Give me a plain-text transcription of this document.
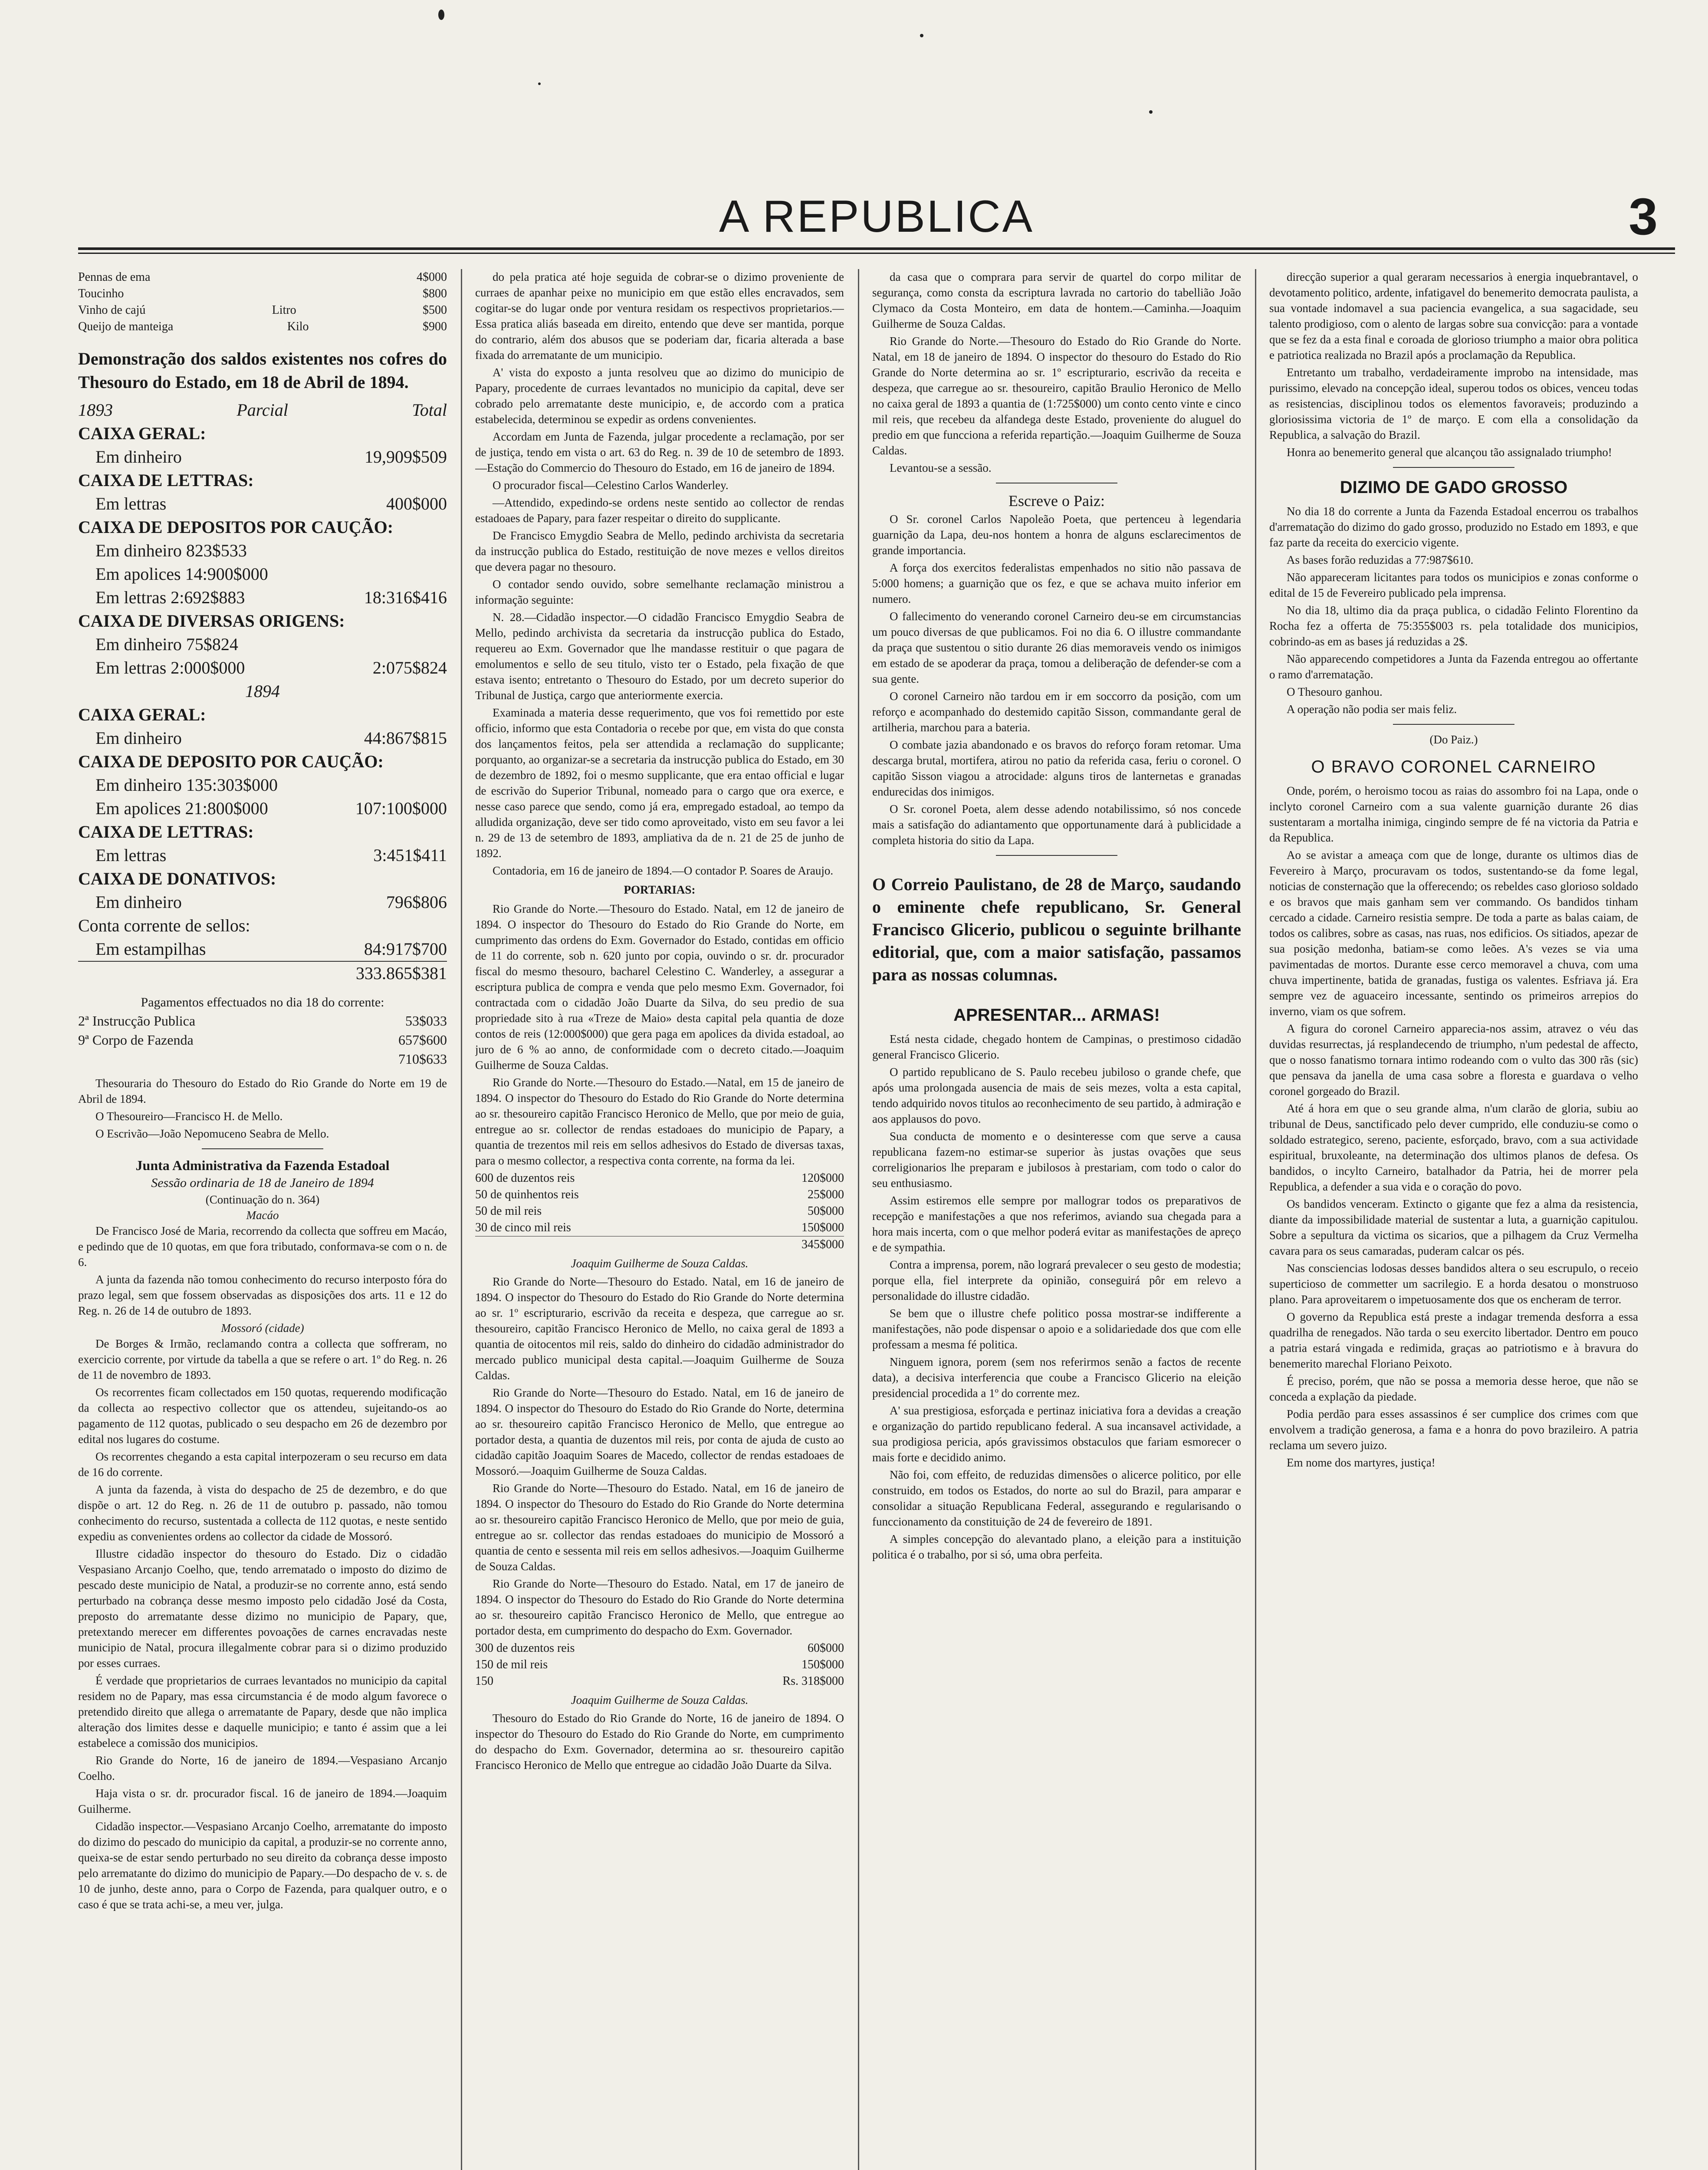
A REPUBLICA	3
Pennas de ema	4$000
Toucinho	$800
Vinho de cajú	Litro	$500
Queijo de manteiga	Kilo	$900
Demonstração dos saldos existentes nos cofres do Thesouro do Estado, em 18 de Abril de 1894.
1893	Parcial	Total
CAIXA GERAL:
Em dinheiro	19,909$509
CAIXA DE LETTRAS:
Em lettras	400$000
CAIXA DE DEPOSITOS POR CAUÇÃO:
Em dinheiro 823$533
Em apolices 14:900$000
Em lettras 2:692$883	18:316$416
CAIXA DE DIVERSAS ORIGENS:
Em dinheiro 75$824
Em lettras 2:000$000	2:075$824
1894
CAIXA GERAL:
Em dinheiro	44:867$815
CAIXA DE DEPOSITO POR CAUÇÃO:
Em dinheiro 135:303$000
Em apolices 21:800$000	107:100$000
CAIXA DE LETTRAS:
Em lettras	3:451$411
CAIXA DE DONATIVOS:
Em dinheiro	796$806
Conta corrente de sellos:
Em estampilhas	84:917$700
333.865$381
Pagamentos effectuados no dia 18 do corrente:
2ª Instrucção Publica	53$033
9ª Corpo de Fazenda	657$600
710$633
Thesouraria do Thesouro do Estado do Rio Grande do Norte em 19 de Abril de 1894.
O Thesoureiro—Francisco H. de Mello.
O Escrivão—João Nepomuceno Seabra de Mello.
Junta Administrativa da Fazenda Estadoal
Sessão ordinaria de 18 de Janeiro de 1894
(Continuação do n. 364)
Macáo

De Francisco José de Maria, recorrendo da collecta que soffreu em Macáo, e pedindo que de 10 quotas, em que fora tributado, conformava-se com o n. de 6.

A junta da fazenda não tomou conhecimento do recurso interposto fóra do prazo legal, sem que fossem observadas as disposições dos arts. 11 e 12 do Reg. n. 26 de 14 de outubro de 1893.

Mossoró (cidade)

De Borges & Irmão, reclamando contra a collecta que soffreram, no exercicio corrente, por virtude da tabella a que se refere o art. 1º do Reg. n. 26 de 11 de novembro de 1893.

Os recorrentes ficam collectados em 150 quotas, requerendo modificação da collecta ao respectivo collector que os attendeu, sujeitando-os ao pagamento de 112 quotas, publicado o seu despacho em 26 de dezembro por edital nos lugares do costume.

Os recorrentes chegando a esta capital interpozeram o seu recurso em data de 16 do corrente.

A junta da fazenda, à vista do despacho de 25 de dezembro, e do que dispõe o art. 12 do Reg. n. 26 de 11 de outubro p. passado, não tomou conhecimento do recurso, sustentada a collecta de 112 quotas, e neste sentido expediu as convenientes ordens ao collector da cidade de Mossoró.

Illustre cidadão inspector do thesouro do Estado. Diz o cidadão Vespasiano Arcanjo Coelho, que, tendo arrematado o imposto do dizimo de pescado deste municipio de Natal, a produzir-se no corrente anno, está sendo perturbado na cobrança desse mesmo imposto pelo cidadão José da Costa, preposto do arrematante desse dizimo no municipio de Papary, que, pretextando merecer em differentes povoações de carnes encravadas neste municipio de Natal, procura illegalmente cobrar para si o dizimo produzido por esses curraes.

É verdade que proprietarios de curraes levantados no municipio da capital residem no de Papary, mas essa circumstancia é de modo algum favorece o pretendido direito que allega o arrematante de Papary, desde que não implica alteração dos limites desse e daquelle municipio; e tanto é assim que a lei estabelece a comissão dos municipios.

Rio Grande do Norte, 16 de janeiro de 1894.—Vespasiano Arcanjo Coelho.

Haja vista o sr. dr. procurador fiscal. 16 de janeiro de 1894.—Joaquim Guilherme.

Cidadão inspector.—Vespasiano Arcanjo Coelho, arrematante do imposto do dizimo do pescado do municipio da capital, a produzir-se no corrente anno, queixa-se de estar sendo perturbado no seu direito da cobrança desse imposto pelo arrematante do dizimo do municipio de Papary.—Do despacho de v. s. de 10 de junho, deste anno, para o Corpo de Fazenda, para qualquer outro, e o caso é que se trata achi-se, a meu ver, julga.

do pela pratica até hoje seguida de cobrar-se o dizimo proveniente de curraes de apanhar peixe no municipio em que estão elles encravados, sem cogitar-se do lugar onde por ventura residam os respectivos proprietarios.—Essa pratica aliás baseada em direito, entendo que deve ser mantida, porque do contrario, além dos abusos que se poderiam dar, ficaria alterada a base fixada do arrematante de um municipio.

A' vista do exposto a junta resolveu que ao dizimo do municipio de Papary, procedente de curraes levantados no municipio da capital, deve ser cobrado pelo arrematante deste municipio, e, de accordo com a pratica estabelecida, determinou se expedir as ordens convenientes.

Accordam em Junta de Fazenda, julgar procedente a reclamação, por ser de justiça, tendo em vista o art. 63 do Reg. n. 39 de 10 de setembro de 1893.—Estação do Commercio do Thesouro do Estado, em 16 de janeiro de 1894.

O procurador fiscal—Celestino Carlos Wanderley.

—Attendido, expedindo-se ordens neste sentido ao collector de rendas estadoaes de Papary, para fazer respeitar o direito do supplicante.

De Francisco Emygdio Seabra de Mello, pedindo archivista da secretaria da instrucção publica do Estado, restituição de nove mezes e vellos direitos que devera pagar no thesouro.

O contador sendo ouvido, sobre semelhante reclamação ministrou a informação seguinte:

N. 28.—Cidadão inspector.—O cidadão Francisco Emygdio Seabra de Mello, pedindo archivista da secretaria da instrucção publica do Estado, requereu ao Exm. Governador que lhe mandasse restituir o que pagara de emolumentos e sello de seu titulo, visto ter o Estado, pela fixação de que estava isento; entretanto o Thesouro do Estado, por um decreto superior do Tribunal de Justiça, cargo que anteriormente exercia.

Examinada a materia desse requerimento, que vos foi remettido por este officio, informo que esta Contadoria o recebe por que, em vista do que consta dos lançamentos feitos, pela ser attendida a reclamação do supplicante; porquanto, ao organizar-se a secretaria da instrucção publica do Estado, em 30 de dezembro de 1892, foi o mesmo supplicante, que era entao official e lugar de escrivão do Superior Tribunal, nomeado para o cargo que ora exerce, e nesse caso parece que sendo, como já era, empregado estadoal, ao tempo da alludida organização, deve ser tido como aproveitado, visto em seu favor a lei n. 29 de 13 de setembro de 1893, ampliativa da de n. 21 de 25 de junho de 1892.

Contadoria, em 16 de janeiro de 1894.—O contador P. Soares de Araujo.

PORTARIAS:

Rio Grande do Norte.—Thesouro do Estado. Natal, em 12 de janeiro de 1894. O inspector do Thesouro do Estado do Rio Grande do Norte, em cumprimento das ordens do Exm. Governador do Estado, contidas em officio de 11 do corrente, sob n. 620 junto por copia, ouvindo o sr. dr. procurador fiscal do mesmo thesouro, bacharel Celestino C. Wanderley, a assegurar a escriptura publica de compra e venda que pelo mesmo Exm. Governador, foi contractada com o cidadão João Duarte da Silva, do seu predio de sua propriedade sito à rua «Treze de Maio» desta capital pela quantia de doze contos de reis (12:000$000) que gera paga em apolices da divida estadoal, ao juro de 6 % ao anno, de conformidade com o decreto citado.—Joaquim Guilherme de Souza Caldas.

Rio Grande do Norte.—Thesouro do Estado.—Natal, em 15 de janeiro de 1894. O inspector do Thesouro do Estado do Rio Grande do Norte determina ao sr. thesoureiro capitão Francisco Heronico de Mello, que por meio de guia, entregue ao sr. collector de rendas estadoaes do municipio de Papary, a quantia de trezentos mil reis em sellos adhesivos do Estado de diversas taxas, para o mesmo collector, a respectiva conta corrente, na forma da lei.

600 de duzentos reis	120$000
50 de quinhentos reis	25$000
50 de mil reis	50$000
30 de cinco mil reis	150$000
345$000
Joaquim Guilherme de Souza Caldas.

Rio Grande do Norte—Thesouro do Estado. Natal, em 16 de janeiro de 1894. O inspector do Thesouro do Estado do Rio Grande do Norte determina ao sr. 1º escripturario, escrivão da receita e despeza, que carregue ao sr. thesoureiro, capitão Francisco Heronico de Mello, no caixa geral de 1893 a quantia de oitocentos mil reis, saldo do dinheiro do cidadão administrador do mercado publico municipal desta capital.—Joaquim Guilherme de Souza Caldas.

Rio Grande do Norte—Thesouro do Estado. Natal, em 16 de janeiro de 1894. O inspector do Thesouro do Estado do Rio Grande do Norte, determina ao sr. thesoureiro capitão Francisco Heronico de Mello, que entregue ao portador desta, a quantia de duzentos mil reis, por conta de ajuda de custo ao cidadão capitão Joaquim Soares de Macedo, collector de rendas estadoaes de Mossoró.—Joaquim Guilherme de Souza Caldas.

Rio Grande do Norte—Thesouro do Estado. Natal, em 16 de janeiro de 1894. O inspector do Thesouro do Estado do Rio Grande do Norte determina ao sr. thesoureiro capitão Francisco Heronico de Mello, que por meio de guia, entregue ao sr. collector das rendas estadoaes do municipio de Mossoró a quantia de cento e sessenta mil reis em sellos adhesivos.—Joaquim Guilherme de Souza Caldas.

Rio Grande do Norte—Thesouro do Estado. Natal, em 17 de janeiro de 1894. O inspector do Thesouro do Estado do Rio Grande do Norte determina ao sr. thesoureiro capitão Francisco Heronico de Mello, que entregue ao portador desta, em cumprimento do despacho do Exm. Governador.

300 de duzentos reis	60$000
150 de mil reis	150$000
150	Rs. 318$000
Joaquim Guilherme de Souza Caldas.

Thesouro do Estado do Rio Grande do Norte, 16 de janeiro de 1894. O inspector do Thesouro do Estado do Rio Grande do Norte, em cumprimento do despacho do Exm. Governador, determina ao sr. thesoureiro capitão Francisco Heronico de Mello que entregue ao cidadão João Duarte da Silva.

da casa que o comprara para servir de quartel do corpo militar de segurança, como consta da escriptura lavrada no cartorio do tabellião João Clymaco da Costa Monteiro, em data de hontem.—Caminha.—Joaquim Guilherme de Souza Caldas.

Rio Grande do Norte.—Thesouro do Estado do Rio Grande do Norte. Natal, em 18 de janeiro de 1894. O inspector do thesouro do Estado do Rio Grande do Norte determina ao sr. 1º escripturario, escrivão da receita e despeza, que carregue ao sr. thesoureiro, capitão Braulio Heronico de Mello no caixa geral de 1893 a quantia de (1:725$000) um conto cento vinte e cinco mil reis, que recebeu da alfandega deste Estado, proveniente do aluguel do predio em que funcciona a referida repartição.—Joaquim Guilherme de Souza Caldas.

Levantou-se a sessão.

Escreve o Paiz:

O Sr. coronel Carlos Napoleão Poeta, que pertenceu à legendaria guarnição da Lapa, deu-nos hontem a honra de alguns esclarecimentos de grande importancia.

A força dos exercitos federalistas empenhados no sitio não passava de 5:000 homens; a guarnição que os fez, e que se achava muito inferior em numero.

O fallecimento do venerando coronel Carneiro deu-se em circumstancias um pouco diversas de que publicamos. Foi no dia 6. O illustre commandante da praça que sustentou o sitio durante 26 dias memoraveis vendo os inimigos em estado de se apoderar da praça, tomou a deliberação de defender-se com a sua gente.

O coronel Carneiro não tardou em ir em soccorro da posição, com um reforço e acompanhado do destemido capitão Sisson, commandante geral de artilheria, marchou para a bateria.

O combate jazia abandonado e os bravos do reforço foram retomar. Uma descarga brutal, mortifera, atirou no patio da referida casa, feriu o coronel. O capitão Sisson viagou a atrocidade: alguns tiros de lanternetas e granadas endurecidas dos inimigos.

O Sr. coronel Poeta, alem desse adendo notabilissimo, só nos concede mais a satisfação do adiantamento que opportunamente dará à publicidade a completa historia do sitio da Lapa.

O Correio Paulistano, de 28 de Março, saudando o eminente chefe republicano, Sr. General Francisco Glicerio, publicou o seguinte brilhante editorial, que, com a maior satisfação, passamos para as nossas columnas.

APRESENTAR... ARMAS!

Está nesta cidade, chegado hontem de Campinas, o prestimoso cidadão general Francisco Glicerio.

O partido republicano de S. Paulo recebeu jubiloso o grande chefe, que após uma prolongada ausencia de mais de seis mezes, volta a esta capital, tendo adquirido novos titulos ao reconhecimento de seu partido, à admiração e aos applausos do povo.

Sua conducta de momento e o desinteresse com que serve a causa republicana fazem-no estimar-se superior às justas ovações que seus correligionarios lhe preparam e jubilosos à prestariam, com todo o calor do seu enthusiasmo.

Assim estiremos elle sempre por mallograr todos os preparativos de recepção e manifestações a que nos referimos, aviando sua chegada para a hora mais incerta, com o que melhor poderá evitar as manifestações de apreço e de sympathia.

Contra a imprensa, porem, não logrará prevalecer o seu gesto de modestia; porque ella, fiel interprete da opinião, conseguirá pôr em relevo a personalidade do illustre cidadão.

Se bem que o illustre chefe politico possa mostrar-se indifferente a manifestações, não pode dispensar o apoio e a solidariedade dos que com elle professam a mesma fé politica.

Ninguem ignora, porem (sem nos referirmos senão a factos de recente data), a decisiva interferencia que coube a Francisco Glicerio na eleição presidencial procedida a 1º do corrente mez.

A' sua prestigiosa, esforçada e pertinaz iniciativa fora a devidas a creação e organização do partido republicano federal. A sua incansavel actividade, a sua prodigiosa pericia, após gravissimos obstaculos que fariam esmorecer o mais forte e decidido animo.

Não foi, com effeito, de reduzidas dimensões o alicerce politico, por elle construido, em todos os Estados, do norte ao sul do Brazil, para amparar e consolidar a situação Republicana Federal, assegurando e regularisando o funccionamento da constituição de 24 de fevereiro de 1891.

A simples concepção do alevantado plano, a eleição para a instituição politica é o trabalho, por si só, uma obra perfeita.

direcção superior a qual geraram necessarios à energia inquebrantavel, o devotamento politico, ardente, infatigavel do benemerito democrata paulista, a sua vontade indomavel a sua paciencia evangelica, a sua sagacidade, seu talento prodigioso, com o alento de largas sobre sua convicção: para a vontade que se fez da a esta final e coroada de glorioso triumpho a maior obra politica e patriotica realizada no Brazil após a proclamação da Republica.

Entretanto um trabalho, verdadeiramente improbo na intensidade, mas purissimo, elevado na concepção ideal, superou todos os obices, venceu todas as resistencias, disciplinou todos os elementos favoraveis; produzindo a gloriosissima victoria de 1º de março. E com ella a consolidação da Republica, a salvação do Brazil.

Honra ao benemerito general que alcançou tão assignalado triumpho!

DIZIMO DE GADO GROSSO

No dia 18 do corrente a Junta da Fazenda Estadoal encerrou os trabalhos d'arrematação do dizimo do gado grosso, produzido no Estado em 1893, e que faz parte da receita do exercicio vigente.

As bases forão reduzidas a 77:987$610.

Não appareceram licitantes para todos os municipios e zonas conforme o edital de 15 de Fevereiro publicado pela imprensa.

No dia 18, ultimo dia da praça publica, o cidadão Felinto Florentino da Rocha fez a offerta de 75:355$003 rs. pela totalidade dos municipios, cobrindo-as em as bases já reduzidas a 2$.

Não apparecendo competidores a Junta da Fazenda entregou ao offertante o ramo d'arrematação.

O Thesouro ganhou.

A operação não podia ser mais feliz.

(Do Paiz.)
O BRAVO CORONEL CARNEIRO

Onde, porém, o heroismo tocou as raias do assombro foi na Lapa, onde o inclyto coronel Carneiro com a sua valente guarnição durante 26 dias sustentaram a mortalha inimiga, cingindo sempre de fé na victoria da Patria e da Republica.

Ao se avistar a ameaça com que de longe, durante os ultimos dias de Fevereiro à Março, procuravam os todos, sustentando-se da fome legal, noticias de consternação que la offerecendo; os rebeldes caso glorioso soldado e os bravos que mais ganham sem ver commando. Os bandidos tinham cercado a cidade. Carneiro resistia sempre. De toda a parte as balas caiam, de todos os calibres, sobre as casas, nas ruas, nos edificios. Os sitiados, apezar de sua posição medonha, batiam-se como leões. A's vezes se via uma pavimentadas de mortos. Durante esse cerco memoravel a chuva, com uma chuva impertinente, batida de granadas, fustiga os valentes. Esfriava já. Era sempre vez de aguaceiro incessante, sentindo os primeiros arrepios do inverno, viam os que sofrem.

A figura do coronel Carneiro apparecia-nos assim, atravez o véu das duvidas resurrectas, já resplandecendo de triumpho, n'um pedestal de affecto, que o nosso fanatismo tornara intimo rodeando com o vulto das 300 rãs (sic) que pensava da janella de uma casa sobre a floresta e guardava o velho coronel gorgeado do Brazil.

Até á hora em que o seu grande alma, n'um clarão de gloria, subiu ao tribunal de Deus, sanctificado pelo dever cumprido, elle conduziu-se como o soldado estrategico, sereno, paciente, esforçado, bravo, com a sua actividade espiritual, bruxoleante, na determinação dos ultimos planos de defesa. Os bandidos, o incylto Carneiro, batalhador da Patria, hei de morrer pela Republica, a defender a sua vida e o coração do povo.

Os bandidos venceram. Extincto o gigante que fez a alma da resistencia, diante da impossibilidade material de sustentar a luta, a guarnição capitulou. Sobre a sepultura da victima os sicarios, que a pilhagem da Cruz Vermelha cavara para os seus camaradas, puderam calcar os pés.

Nas consciencias lodosas desses bandidos altera o seu escrupulo, o receio superticioso de commetter um sacrilegio. E a horda desatou o monstruoso plano. Para aproveitarem o impetuosamente dos que os encheram de terror.

O governo da Republica está preste a indagar tremenda desforra a essa quadrilha de renegados. Não tarda o seu exercito libertador. Dentro em pouco a patria estará vingada e redimida, graças ao patriotismo e à bravura do benemerito marechal Floriano Peixoto.

É preciso, porém, que não se possa a memoria desse heroe, que não se conceda a explação da piedade.

Podia perdão para esses assassinos é ser cumplice dos crimes com que envolvem a tradição generosa, a fama e a honra do povo brazileiro. A patria reclama um severo juizo.

Em nome dos martyres, justiça!
